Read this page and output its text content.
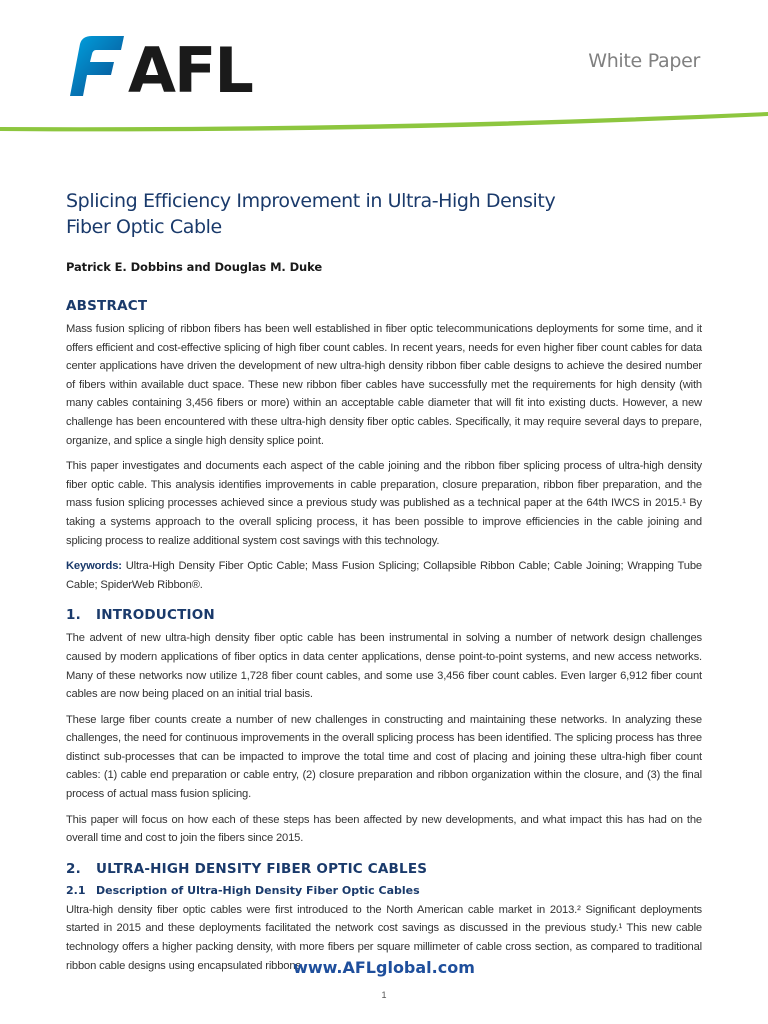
AFL	White Paper
Splicing Efficiency Improvement in Ultra-High Density
Fiber Optic Cable
Patrick E. Dobbins and Douglas M. Duke
ABSTRACT

Mass fusion splicing of ribbon fibers has been well established in fiber optic telecommunications deployments for some time, and it offers efficient and cost-effective splicing of high fiber count cables. In recent years, needs for even higher fiber count cables for data center applications have driven the development of new ultra-high density ribbon fiber cable designs to achieve the desired number of fibers within available duct space. These new ribbon fiber cables have successfully met the requirements for high density (with many cables containing 3,456 fibers or more) within an acceptable cable diameter that will fit into existing ducts. However, a new challenge has been encountered with these ultra-high density fiber optic cables. Specifically, it may require several days to prepare, organize, and splice a single high density splice point.

This paper investigates and documents each aspect of the cable joining and the ribbon fiber splicing process of ultra-high density fiber optic cable. This analysis identifies improvements in cable preparation, closure preparation, ribbon fiber preparation, and the mass fusion splicing processes achieved since a previous study was published as a technical paper at the 64th IWCS in 2015.¹ By taking a systems approach to the overall splicing process, it has been possible to improve efficiencies in the cable joining and splicing process to realize additional system cost savings with this technology.

Keywords: Ultra-High Density Fiber Optic Cable; Mass Fusion Splicing; Collapsible Ribbon Cable; Cable Joining; Wrapping Tube Cable; SpiderWeb Ribbon®.

1. INTRODUCTION

The advent of new ultra-high density fiber optic cable has been instrumental in solving a number of network design challenges caused by modern applications of fiber optics in data center applications, dense point-to-point systems, and new access networks. Many of these networks now utilize 1,728 fiber count cables, and some use 3,456 fiber count cables. Even larger 6,912 fiber count cables are now being placed on an initial trial basis.

These large fiber counts create a number of new challenges in constructing and maintaining these networks. In analyzing these challenges, the need for continuous improvements in the overall splicing process has been identified. The splicing process has three distinct sub-processes that can be impacted to improve the total time and cost of placing and joining these ultra-high fiber count cables: (1) cable end preparation or cable entry, (2) closure preparation and ribbon organization within the closure, and (3) the final process of actual mass fusion splicing.

This paper will focus on how each of these steps has been affected by new developments, and what impact this has had on the overall time and cost to join the fibers since 2015.

2. ULTRA-HIGH DENSITY FIBER OPTIC CABLES
2.1 Description of Ultra-High Density Fiber Optic Cables

Ultra-high density fiber optic cables were first introduced to the North American cable market in 2013.² Significant deployments started in 2015 and these deployments facilitated the network cost savings as discussed in the previous study.¹ This new cable technology offers a higher packing density, with more fibers per square millimeter of cable cross section, as compared to traditional ribbon cable designs using encapsulated ribbons.

www.AFLglobal.com
1
